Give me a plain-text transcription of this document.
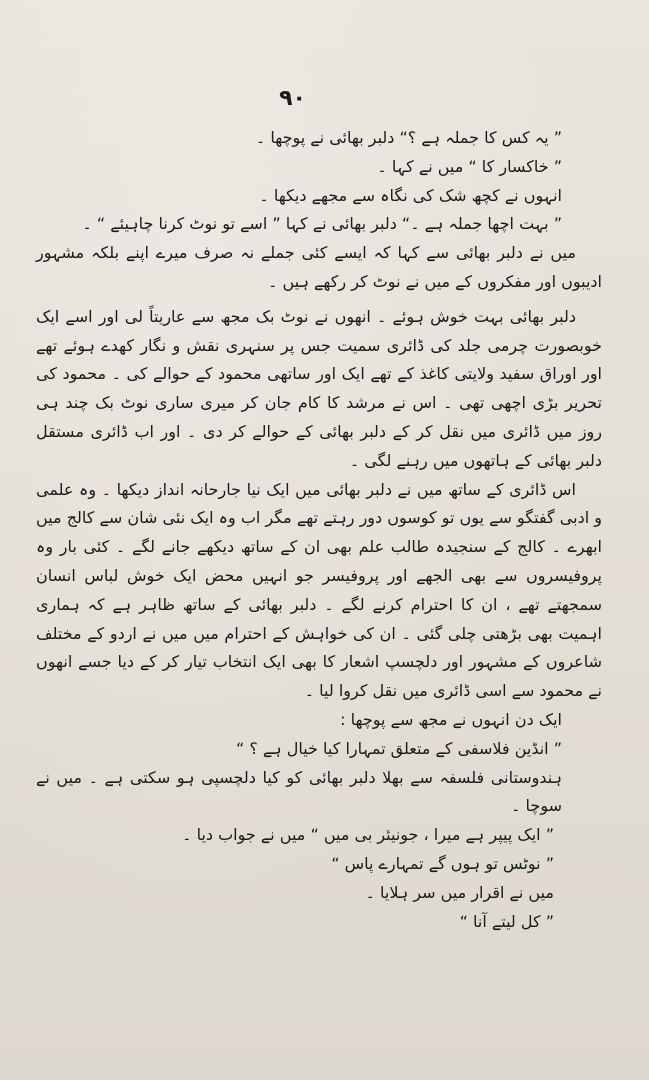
۹۰

” یہ کس کا جملہ ہے ؟“ دلبر بھائی نے پوچھا ۔

” خاکسار کا “ میں نے کہا ۔

انہوں نے کچھ شک کی نگاہ سے مجھے دیکھا ۔

” بہت اچھا جملہ ہے ۔“ دلبر بھائی نے کہا ” اسے تو نوٹ کرنا چاہیئے “ ۔

میں نے دلبر بھائی سے کہا کہ ایسے کئی جملے نہ صرف میرے اپنے بلکہ مشہور ادیبوں اور مفکروں کے میں نے نوٹ کر رکھے ہیں ۔

دلبر بھائی بہت خوش ہوئے ۔ انھوں نے نوٹ بک مجھ سے عاریتاً لی اور اسے ایک خوبصورت چرمی جلد کی ڈائری سمیت جس پر سنہری نقش و نگار کھدے ہوئے تھے اور اوراق سفید ولایتی کاغذ کے تھے ایک اور ساتھی محمود کے حوالے کی ۔ محمود کی تحریر بڑی اچھی تھی ۔ اس نے مرشد کا کام جان کر میری ساری نوٹ بک چند ہی روز میں ڈائری میں نقل کر کے دلبر بھائی کے حوالے کر دی ۔ اور اب ڈائری مستقل دلبر بھائی کے ہاتھوں میں رہنے لگی ۔

اس ڈائری کے ساتھ میں نے دلبر بھائی میں ایک نیا جارحانہ انداز دیکھا ۔ وہ علمی و ادبی گفتگو سے یوں تو کوسوں دور رہتے تھے مگر اب وہ ایک نئی شان سے کالج میں ابھرے ۔ کالج کے سنجیدہ طالب علم بھی ان کے ساتھ دیکھے جانے لگے ۔ کئی بار وہ پروفیسروں سے بھی الجھے اور پروفیسر جو انہیں محض ایک خوش لباس انسان سمجھتے تھے ، ان کا احترام کرنے لگے ۔ دلبر بھائی کے ساتھ ظاہر ہے کہ ہماری اہمیت بھی بڑھتی چلی گئی ۔ ان کی خواہش کے احترام میں میں نے اردو کے مختلف شاعروں کے مشہور اور دلچسپ اشعار کا بھی ایک انتخاب تیار کر کے دیا جسے انھوں نے محمود سے اسی ڈائری میں نقل کروا لیا ۔

ایک دن انہوں نے مجھ سے پوچھا :

” انڈین فلاسفی کے متعلق تمہارا کیا خیال ہے ؟ “

ہندوستانی فلسفہ سے بھلا دلبر بھائی کو کیا دلچسپی ہو سکتی ہے ۔ میں نے سوچا ۔

” ایک پیپر ہے میرا ، جونیئر بی میں “ میں نے جواب دیا ۔

” نوٹس تو ہوں گے تمہارے پاس “

میں نے اقرار میں سر ہلایا ۔

” کل لیتے آنا “
